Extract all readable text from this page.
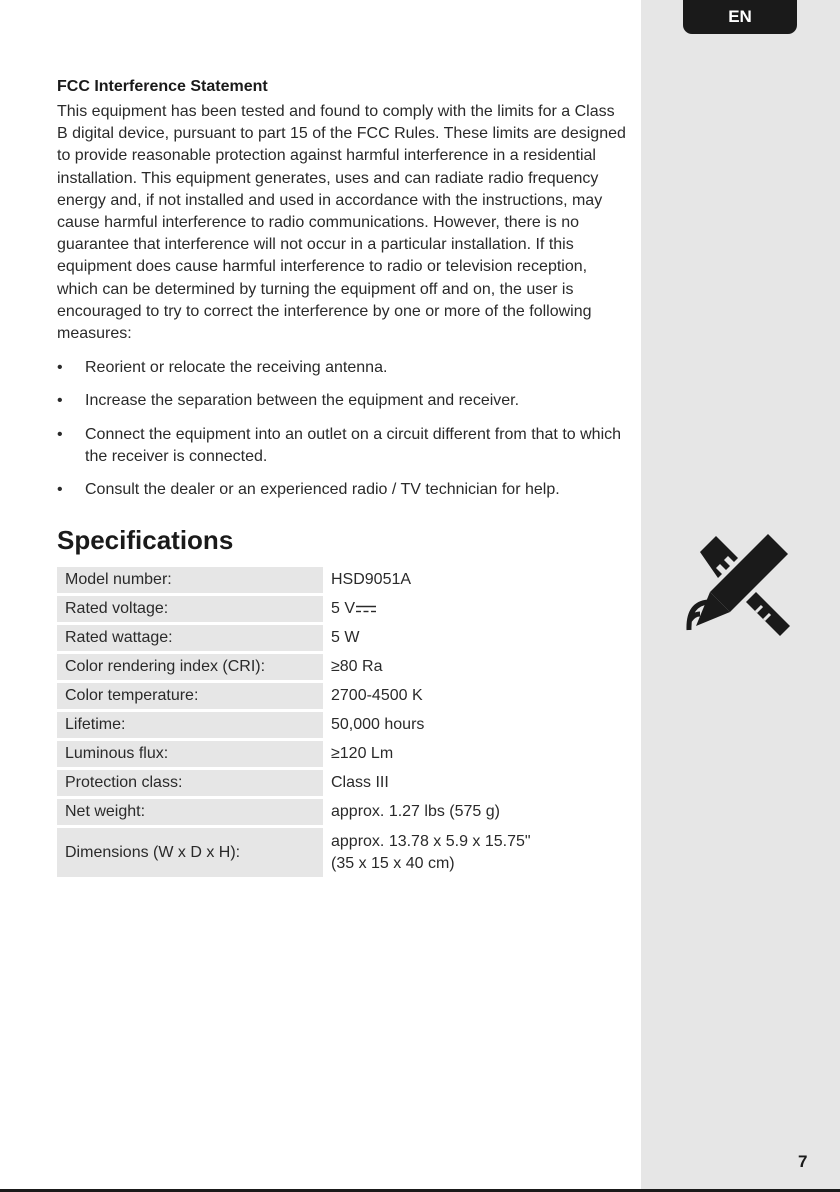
EN
FCC Interference Statement

This equipment has been tested and found to comply with the limits for a Class B digital device, pursuant to part 15 of the FCC Rules. These limits are designed to provide reasonable protection against harmful interference in a residential installation. This equipment generates, uses and can radiate radio frequency energy and, if not installed and used in accordance with the instructions, may cause harmful interference to radio communications. However, there is no guarantee that interference will not occur in a particular installation. If this equipment does cause harmful interference to radio or television reception, which can be determined by turning the equipment off and on, the user is encouraged to try to correct the interference by one or more of the following measures:

• Reorient or relocate the receiving antenna.
• Increase the separation between the equipment and receiver.
• Connect the equipment into an outlet on a circuit different from that to which the receiver is connected.
• Consult the dealer or an experienced radio / TV technician for help.
Specifications
Model number:	HSD9051A
Rated voltage:	5 V
Rated wattage:	5 W
Color rendering index (CRI):	≥80 Ra
Color temperature:	2700-4500 K
Lifetime:	50,000 hours
Luminous flux:	≥120 Lm
Protection class:	Class III
Net weight:	approx. 1.27 lbs (575 g)
Dimensions (W x D x H):
approx. 13.78 x 5.9 x 15.75"
(35 x 15 x 40 cm)
7
